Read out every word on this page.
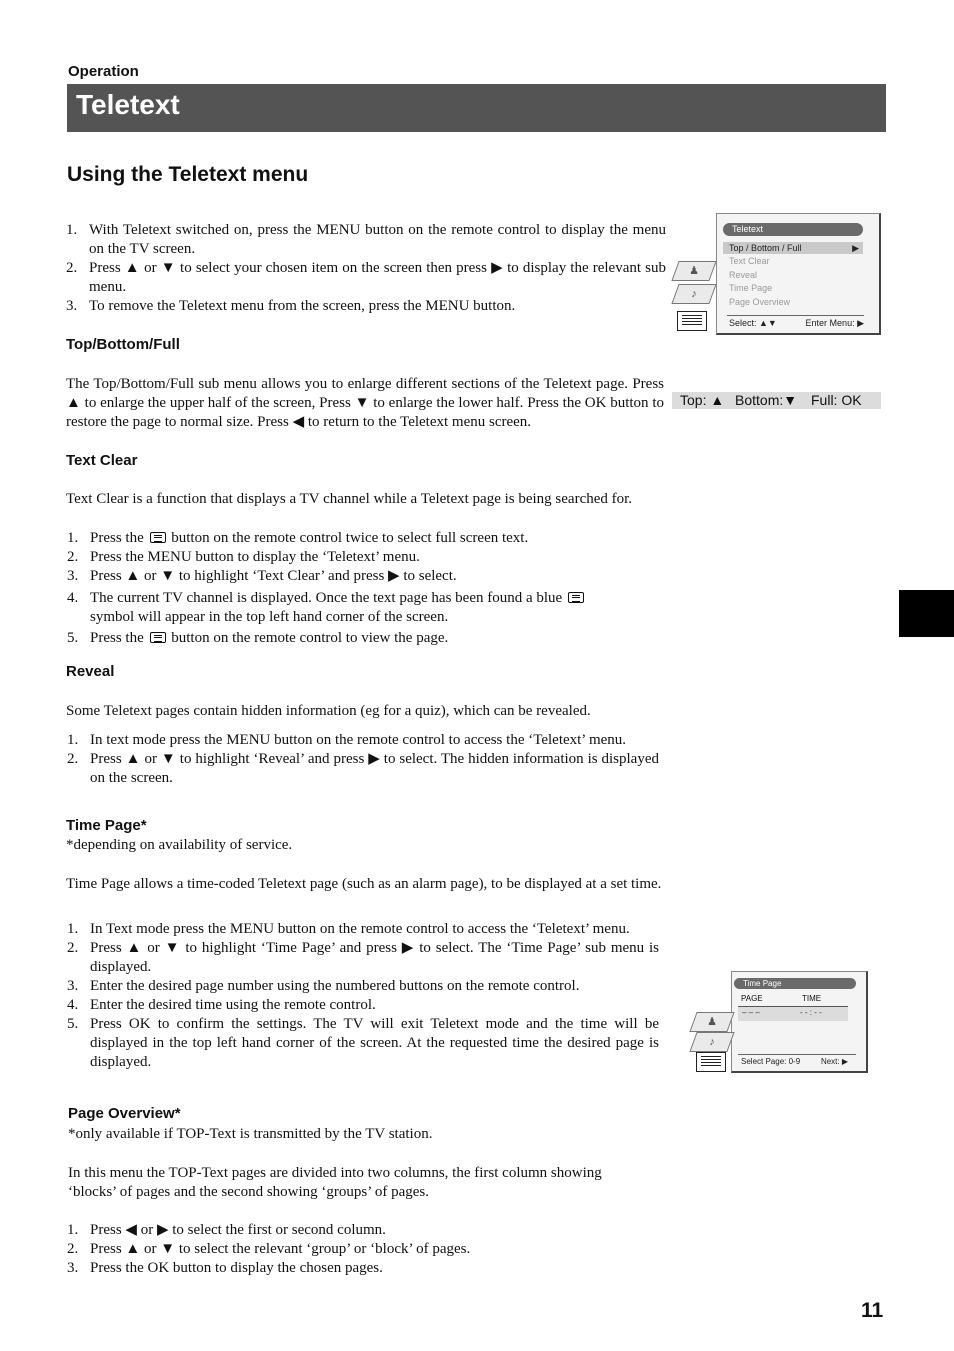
Operation
Teletext
Using the Teletext menu
1. With Teletext switched on, press the MENU button on the remote control to display the menu on the TV screen.
2. Press ▲ or ▼ to select your chosen item on the screen then press ▶ to display the relevant sub menu.
3. To remove the Teletext menu from the screen, press the MENU button.
Top/Bottom/Full
The Top/Bottom/Full sub menu allows you to enlarge different sections of the Teletext page. Press ▲ to enlarge the upper half of the screen, Press ▼ to enlarge the lower half. Press the OK button to restore the page to normal size. Press ◀ to return to the Teletext menu screen.
Top: ▲ Bottom:▼ Full: OK
Teletext
Top / Bottom / Full	▶
Text Clear
Reveal
Time Page
Page Overview
Select: ▲▼	Enter Menu: ▶
♟
♪
Text Clear
Text Clear is a function that displays a TV channel while a Teletext page is being searched for.
1. Press the button on the remote control twice to select full screen text.
2. Press the MENU button to display the ‘Teletext’ menu.
3. Press ▲ or ▼ to highlight ‘Text Clear’ and press ▶ to select.
4. The current TV channel is displayed. Once the text page has been found a blue
symbol will appear in the top left hand corner of the screen.
5. Press the button on the remote control to view the page.
Reveal
Some Teletext pages contain hidden information (eg for a quiz), which can be revealed.
1. In text mode press the MENU button on the remote control to access the ‘Teletext’ menu.
2. Press ▲ or ▼ to highlight ‘Reveal’ and press ▶ to select. The hidden information is displayed on the screen.
Time Page*
*depending on availability of service.
Time Page allows a time-coded Teletext page (such as an alarm page), to be displayed at a set time.
1. In Text mode press the MENU button on the remote control to access the ‘Teletext’ menu.
2. Press ▲ or ▼ to highlight ‘Time Page’ and press ▶ to select. The ‘Time Page’ sub menu is displayed.
3. Enter the desired page number using the numbered buttons on the remote control.
4. Enter the desired time using the remote control.
5. Press OK to confirm the settings. The TV will exit Teletext mode and the time will be displayed in the top left hand corner of the screen. At the requested time the desired page is displayed.
Time Page
PAGE	TIME
– – –	- - : - -
Select Page: 0-9	Next: ▶
♟
♪
Page Overview*
*only available if TOP-Text is transmitted by the TV station.
In this menu the TOP-Text pages are divided into two columns, the first column showing ‘blocks’ of pages and the second showing ‘groups’ of pages.
1. Press ◀ or ▶ to select the first or second column.
2. Press ▲ or ▼ to select the relevant ‘group’ or ‘block’ of pages.
3. Press the OK button to display the chosen pages.
11
